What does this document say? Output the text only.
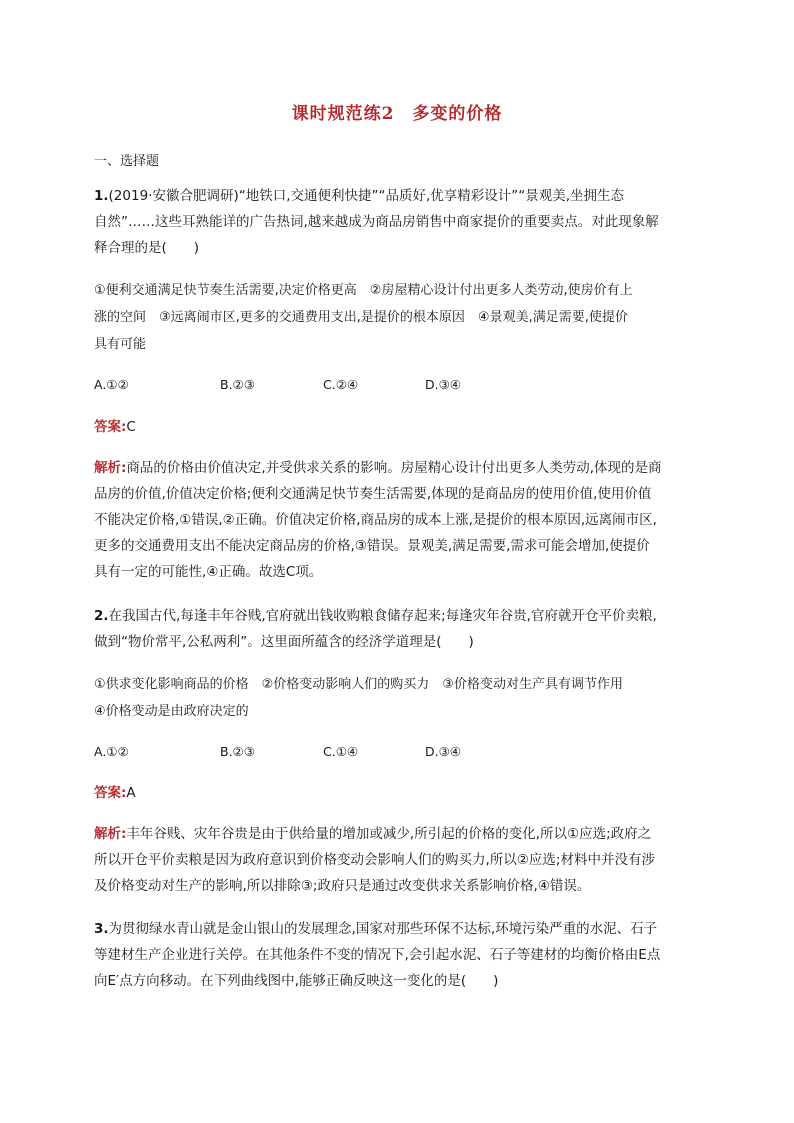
课时规范练2　多变的价格
一、选择题

1.(2019·安徽合肥调研)“地铁口,交通便利快捷”“品质好,优享精彩设计”“景观美,坐拥生态

自然”……这些耳熟能详的广告热词,越来越成为商品房销售中商家提价的重要卖点。对此现象解

释合理的是(　　)

①便利交通满足快节奏生活需要,决定价格更高　②房屋精心设计付出更多人类劳动,使房价有上

涨的空间　③远离闹市区,更多的交通费用支出,是提价的根本原因　④景观美,满足需要,使提价

具有可能

A.①②	B.②③	C.②④	D.③④

答案:C

解析:商品的价格由价值决定,并受供求关系的影响。房屋精心设计付出更多人类劳动,体现的是商

品房的价值,价值决定价格;便利交通满足快节奏生活需要,体现的是商品房的使用价值,使用价值

不能决定价格,①错误,②正确。价值决定价格,商品房的成本上涨,是提价的根本原因,远离闹市区,

更多的交通费用支出不能决定商品房的价格,③错误。景观美,满足需要,需求可能会增加,使提价

具有一定的可能性,④正确。故选C项。

2.在我国古代,每逢丰年谷贱,官府就出钱收购粮食储存起来;每逢灾年谷贵,官府就开仓平价卖粮,

做到“物价常平,公私两利”。这里面所蕴含的经济学道理是(　　)

①供求变化影响商品的价格　②价格变动影响人们的购买力　③价格变动对生产具有调节作用

④价格变动是由政府决定的

A.①②	B.②③	C.①④	D.③④

答案:A

解析:丰年谷贱、灾年谷贵是由于供给量的增加或减少,所引起的价格的变化,所以①应选;政府之

所以开仓平价卖粮是因为政府意识到价格变动会影响人们的购买力,所以②应选;材料中并没有涉

及价格变动对生产的影响,所以排除③;政府只是通过改变供求关系影响价格,④错误。

3.为贯彻绿水青山就是金山银山的发展理念,国家对那些环保不达标,环境污染严重的水泥、石子

等建材生产企业进行关停。在其他条件不变的情况下,会引起水泥、石子等建材的均衡价格由E点

向E′点方向移动。在下列曲线图中,能够正确反映这一变化的是(　　)
